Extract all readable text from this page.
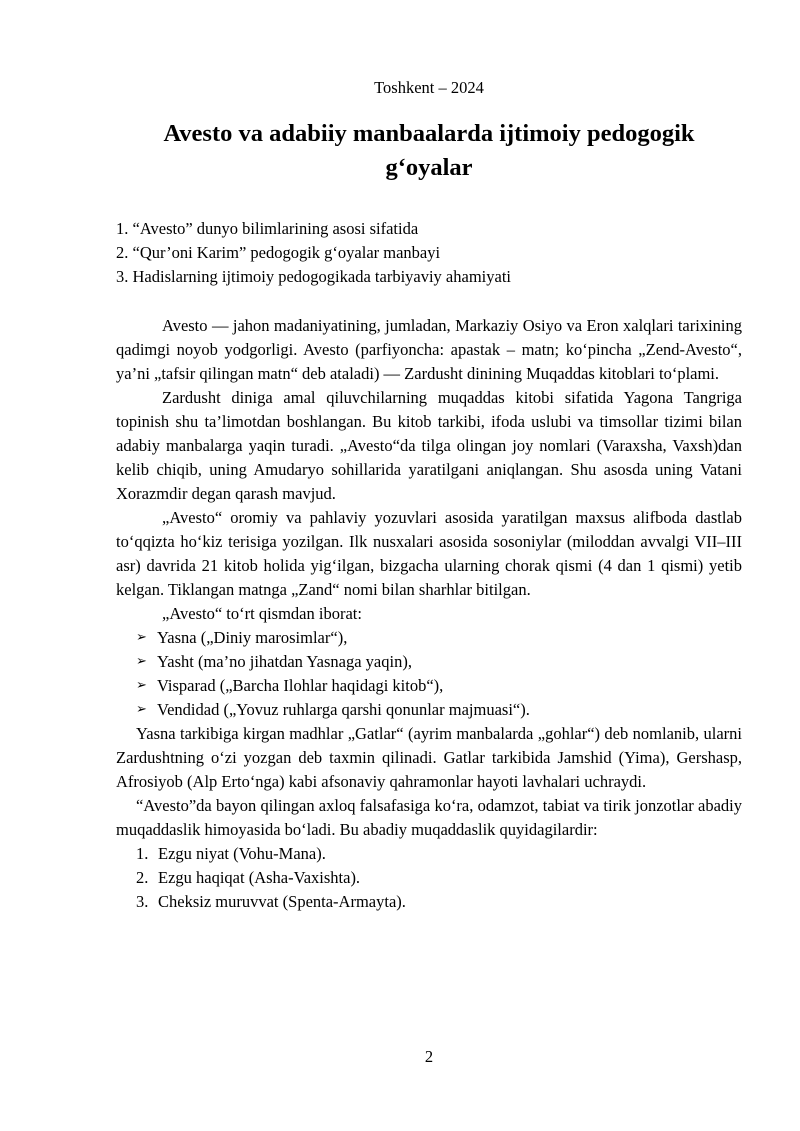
Toshkent – 2024
Avesto va adabiiy manbaalarda ijtimoiy pedogogik
g‘oyalar
1. “Avesto” dunyo bilimlarining asosi sifatida
2. “Qur’oni Karim” pedogogik g‘oyalar manbayi
3. Hadislarning ijtimoiy pedogogikada tarbiyaviy ahamiyati

Avesto — jahon madaniyatining, jumladan, Markaziy Osiyo va Eron xalqlari tarixining qadimgi noyob yodgorligi. Avesto (parfiyoncha: apastak – matn; ko‘pincha „Zend-Avesto“, ya’ni „tafsir qilingan matn“ deb ataladi) — Zardusht dinining Muqaddas kitoblari to‘plami.

Zardusht diniga amal qiluvchilarning muqaddas kitobi sifatida Yagona Tangriga topinish shu ta’limotdan boshlangan. Bu kitob tarkibi, ifoda uslubi va timsollar tizimi bilan adabiy manbalarga yaqin turadi. „Avesto“da tilga olingan joy nomlari (Varaxsha, Vaxsh)dan kelib chiqib, uning Amudaryo sohillarida yaratilgani aniqlangan. Shu asosda uning Vatani Xorazmdir degan qarash mavjud.

„Avesto“ oromiy va pahlaviy yozuvlari asosida yaratilgan maxsus alifboda dastlab to‘qqizta ho‘kiz terisiga yozilgan. Ilk nusxalari asosida sosoniylar (miloddan avvalgi VII–III asr) davrida 21 kitob holida yig‘ilgan, bizgacha ularning chorak qismi (4 dan 1 qismi) yetib kelgan. Tiklangan matnga „Zand“ nomi bilan sharhlar bitilgan.

„Avesto“ to‘rt qismdan iborat:

➢ Yasna („Diniy marosimlar“),
➢ Yasht (ma’no jihatdan Yasnaga yaqin),
➢ Visparad („Barcha Ilohlar haqidagi kitob“),
➢ Vendidad („Yovuz ruhlarga qarshi qonunlar majmuasi“).

Yasna tarkibiga kirgan madhlar „Gatlar“ (ayrim manbalarda „gohlar“) deb nomlanib, ularni Zardushtning o‘zi yozgan deb taxmin qilinadi. Gatlar tarkibida Jamshid (Yima), Gershasp, Afrosiyob (Alp Erto‘nga) kabi afsonaviy qahramonlar hayoti lavhalari uchraydi.

“Avesto”da bayon qilingan axloq falsafasiga ko‘ra, odamzot, tabiat va tirik jonzotlar abadiy muqaddaslik himoyasida bo‘ladi. Bu abadiy muqaddaslik quyidagilardir:

1. Ezgu niyat (Vohu-Mana).
2. Ezgu haqiqat (Asha-Vaxishta).
3. Cheksiz muruvvat (Spenta-Armayta).
2
